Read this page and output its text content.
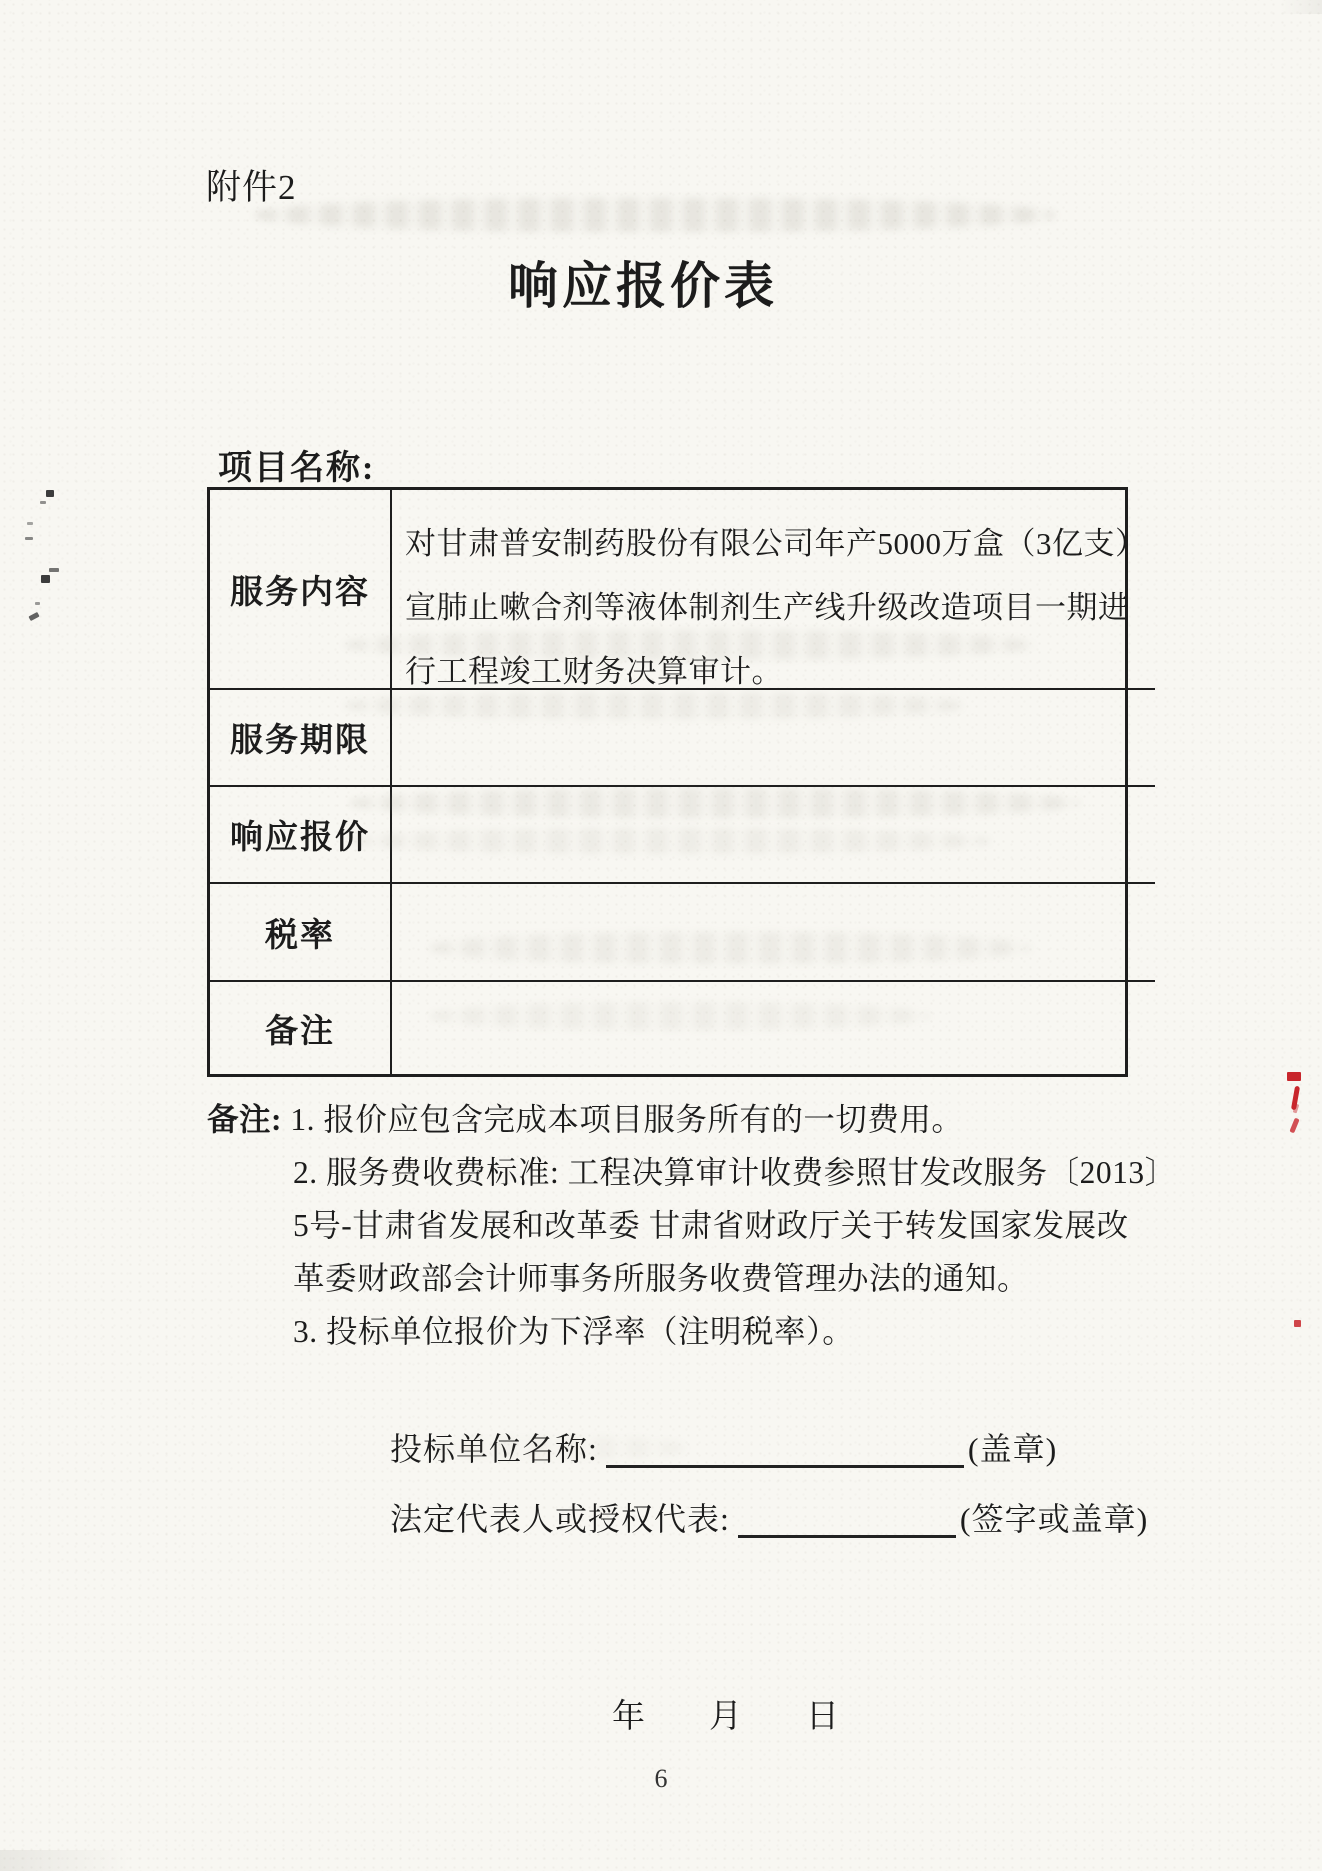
附件2
响应报价表
项目名称:
服务内容
对甘肃普安制药股份有限公司年产5000万盒（3亿支）
宣肺止嗽合剂等液体制剂生产线升级改造项目一期进
行工程竣工财务决算审计。
服务期限
响应报价
税率
备注
备注: 1. 报价应包含完成本项目服务所有的一切费用。
2. 服务费收费标准: 工程决算审计收费参照甘发改服务〔2013〕
5号-甘肃省发展和改革委 甘肃省财政厅关于转发国家发展改
革委财政部会计师事务所服务收费管理办法的通知。
3. 投标单位报价为下浮率（注明税率）。
投标单位名称:	(盖章)
法定代表人或授权代表:	(签字或盖章)
年 月 日
6
